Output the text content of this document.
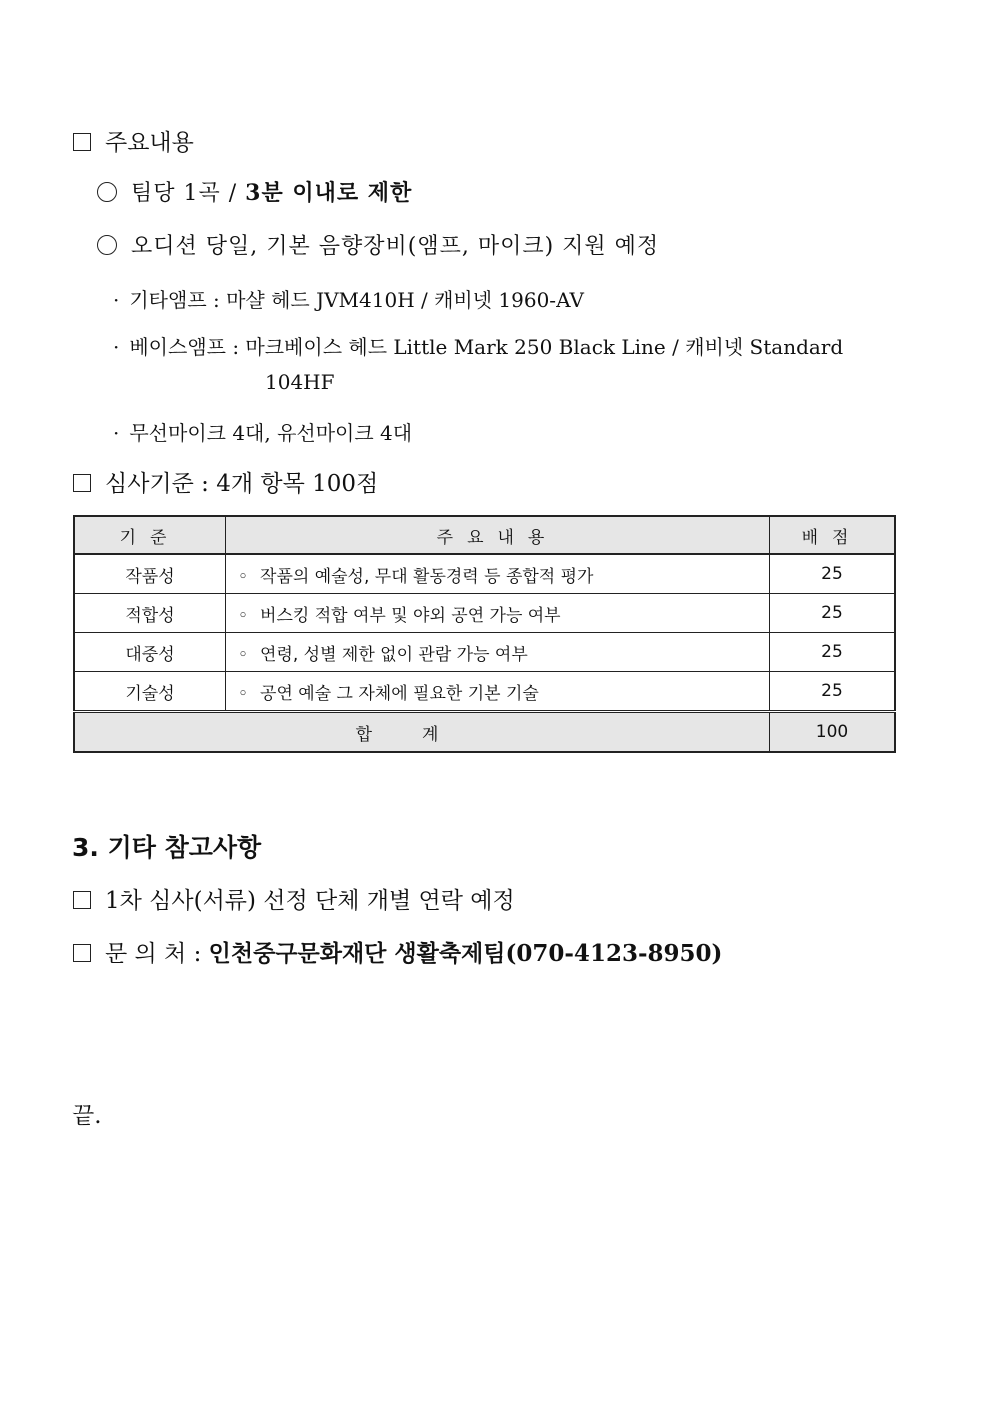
주요내용
팀당 1곡 / 3분 이내로 제한
오디션 당일, 기본 음향장비(앰프, 마이크) 지원 예정
· 기타앰프 : 마샬 헤드 JVM410H / 캐비넷 1960-AV
· 베이스앰프 : 마크베이스 헤드 Little Mark 250 Black Line / 캐비넷 Standard
104HF
· 무선마이크 4대, 유선마이크 4대
심사기준 : 4개 항목 100점
기준	주요내용	배점
작품성	◦ 작품의 예술성, 무대 활동경력 등 종합적 평가	25
적합성	◦ 버스킹 적합 여부 및 야외 공연 가능 여부	25
대중성	◦ 연령, 성별 제한 없이 관람 가능 여부	25
기술성	◦ 공연 예술 그 자체에 필요한 기본 기술	25
합계		100
3. 기타 참고사항
1차 심사(서류) 선정 단체 개별 연락 예정
문 의 처 : 인천중구문화재단 생활축제팀(070-4123-8950)
끝.
